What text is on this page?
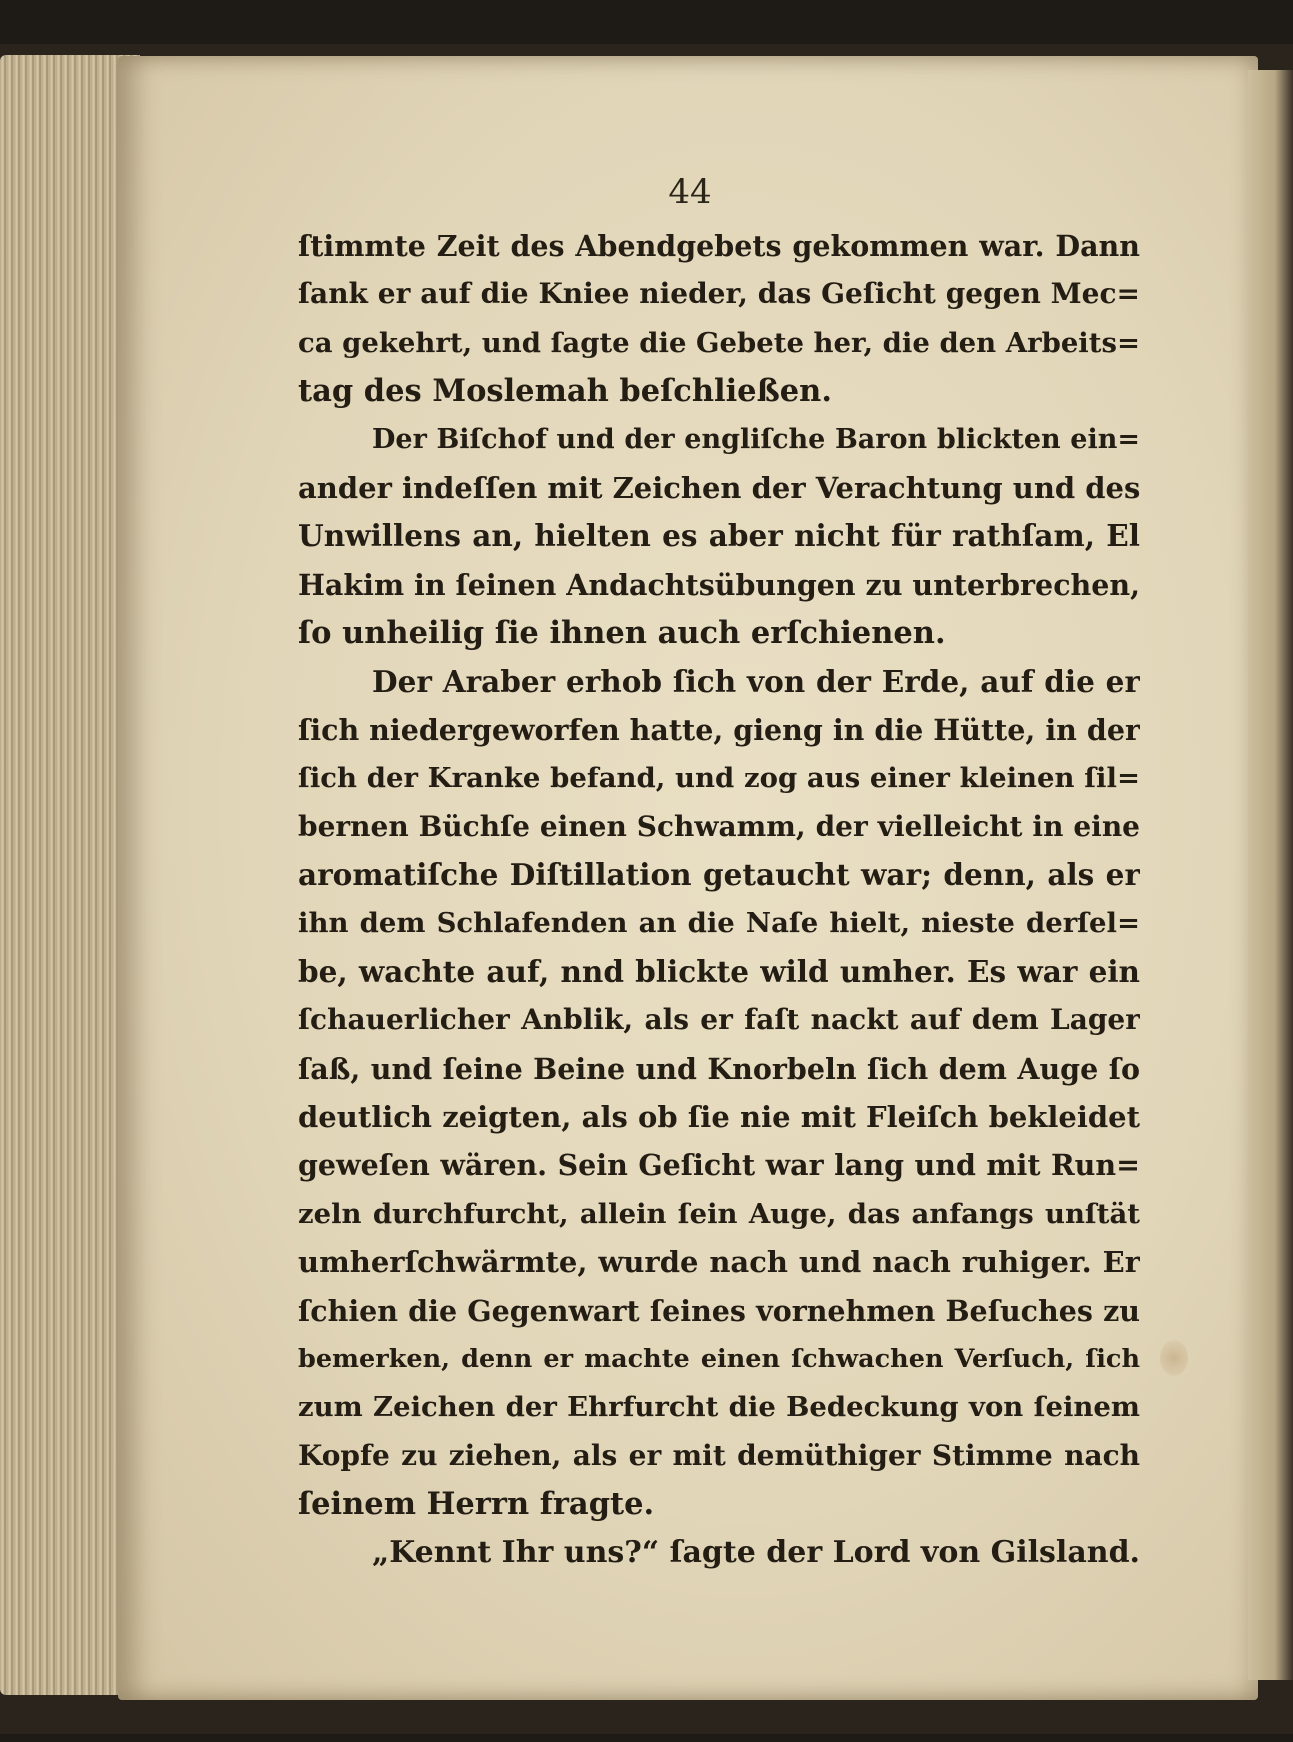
44
ſtimmte Zeit des Abendgebets gekommen war. Dann
ſank er auf die Kniee nieder, das Geſicht gegen Mec=
ca gekehrt, und ſagte die Gebete her, die den Arbeits=
tag des Moslemah beſchließen.
Der Biſchof und der engliſche Baron blickten ein=
ander indeſſen mit Zeichen der Verachtung und des
Unwillens an, hielten es aber nicht für rathſam, El
Hakim in ſeinen Andachtsübungen zu unterbrechen,
ſo unheilig ſie ihnen auch erſchienen.
Der Araber erhob ſich von der Erde, auf die er
ſich niedergeworfen hatte, gieng in die Hütte, in der
ſich der Kranke befand, und zog aus einer kleinen ſil=
bernen Büchſe einen Schwamm, der vielleicht in eine
aromatiſche Diſtillation getaucht war; denn, als er
ihn dem Schlafenden an die Naſe hielt, nieste derſel=
be, wachte auf, nnd blickte wild umher. Es war ein
ſchauerlicher Anblik, als er faſt nackt auf dem Lager
ſaß, und ſeine Beine und Knorbeln ſich dem Auge ſo
deutlich zeigten, als ob ſie nie mit Fleiſch bekleidet
geweſen wären. Sein Geſicht war lang und mit Run=
zeln durchfurcht, allein ſein Auge, das anfangs unſtät
umherſchwärmte, wurde nach und nach ruhiger. Er
ſchien die Gegenwart ſeines vornehmen Beſuches zu
bemerken, denn er machte einen ſchwachen Verſuch, ſich
zum Zeichen der Ehrfurcht die Bedeckung von ſeinem
Kopfe zu ziehen, als er mit demüthiger Stimme nach
ſeinem Herrn fragte.
„Kennt Ihr uns?“ ſagte der Lord von Gilsland.
